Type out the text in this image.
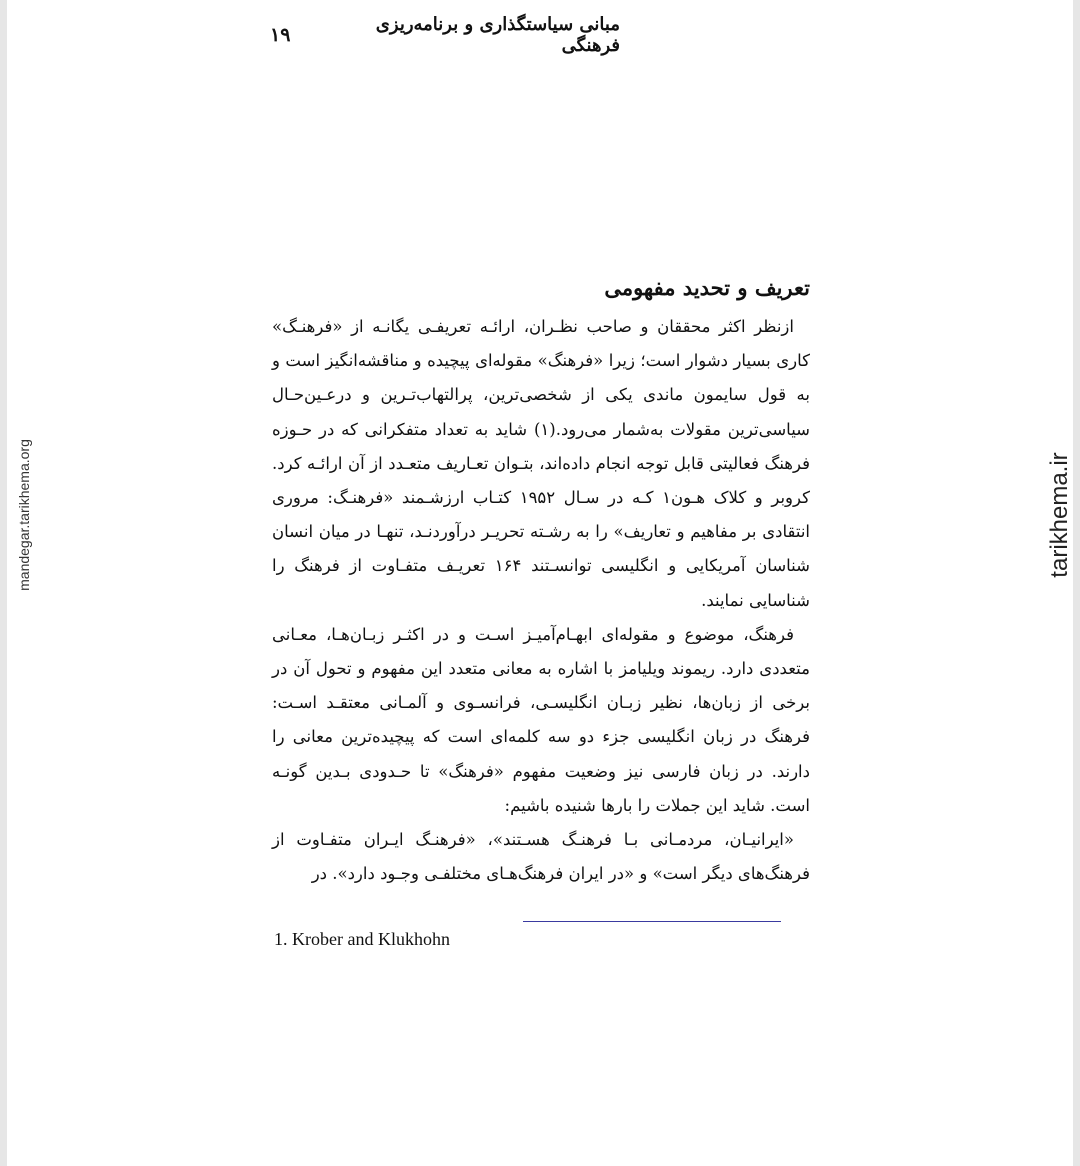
مبانی سیاستگذاری و برنامه‌ریزی فرهنگی
۱۹
mandegar.tarikhema.org	tarikhema.ir
تعریف و تحدید مفهومی

ازنظر اکثر محققان و صاحب نظـران، ارائـه تعریفـی یگانـه از «فرهنـگ» کاری بسیار دشوار است؛ زیرا «فرهنگ» مقوله‌ای پیچیده و مناقشه‌انگیز است و به قول سایمون ماندی یکی از شخصی‌ترین، پرالتهاب‌تـرین و درعـین‌حـال سیاسی‌ترین مقولات به‌شمار می‌رود.(۱) شاید به تعداد متفکرانی که در حـوزه فرهنگ فعالیتی قابل توجه انجام داده‌اند، بتـوان تعـاریف متعـدد از آن ارائـه کرد. کروبر و کلاک هـون۱ کـه در سـال ۱۹۵۲ کتـاب ارزشـمند «فرهنـگ: مروری انتقادی بر مفاهیم و تعاریف» را به رشـته تحریـر درآوردنـد، تنهـا در میان انسان شناسان آمریکایی و انگلیسی توانسـتند ۱۶۴ تعریـف متفـاوت از فرهنگ را شناسایی نمایند.

فرهنگ، موضوع و مقوله‌ای ابهـام‌آمیـز اسـت و در اکثـر زبـان‌هـا، معـانی متعددی دارد. ریموند ویلیامز با اشاره به معانی متعدد این مفهوم و تحول آن در برخی از زبان‌ها، نظیر زبـان انگلیسـی، فرانسـوی و آلمـانی معتقـد اسـت: فرهنگ در زبان انگلیسی جزء دو سه کلمه‌ای است که پیچیده‌ترین معانی را دارند. در زبان فارسی نیز وضعیت مفهوم «فرهنگ» تا حـدودی بـدین گونـه است. شاید این جملات را بارها شنیده باشیم:

«ایرانیـان، مردمـانی بـا فرهنـگ هسـتند»، «فرهنـگ ایـران متفـاوت از فرهنگ‌های دیگر است» و «در ایران فرهنگ‌هـای مختلفـی وجـود دارد». در

1. Krober and Klukhohn
